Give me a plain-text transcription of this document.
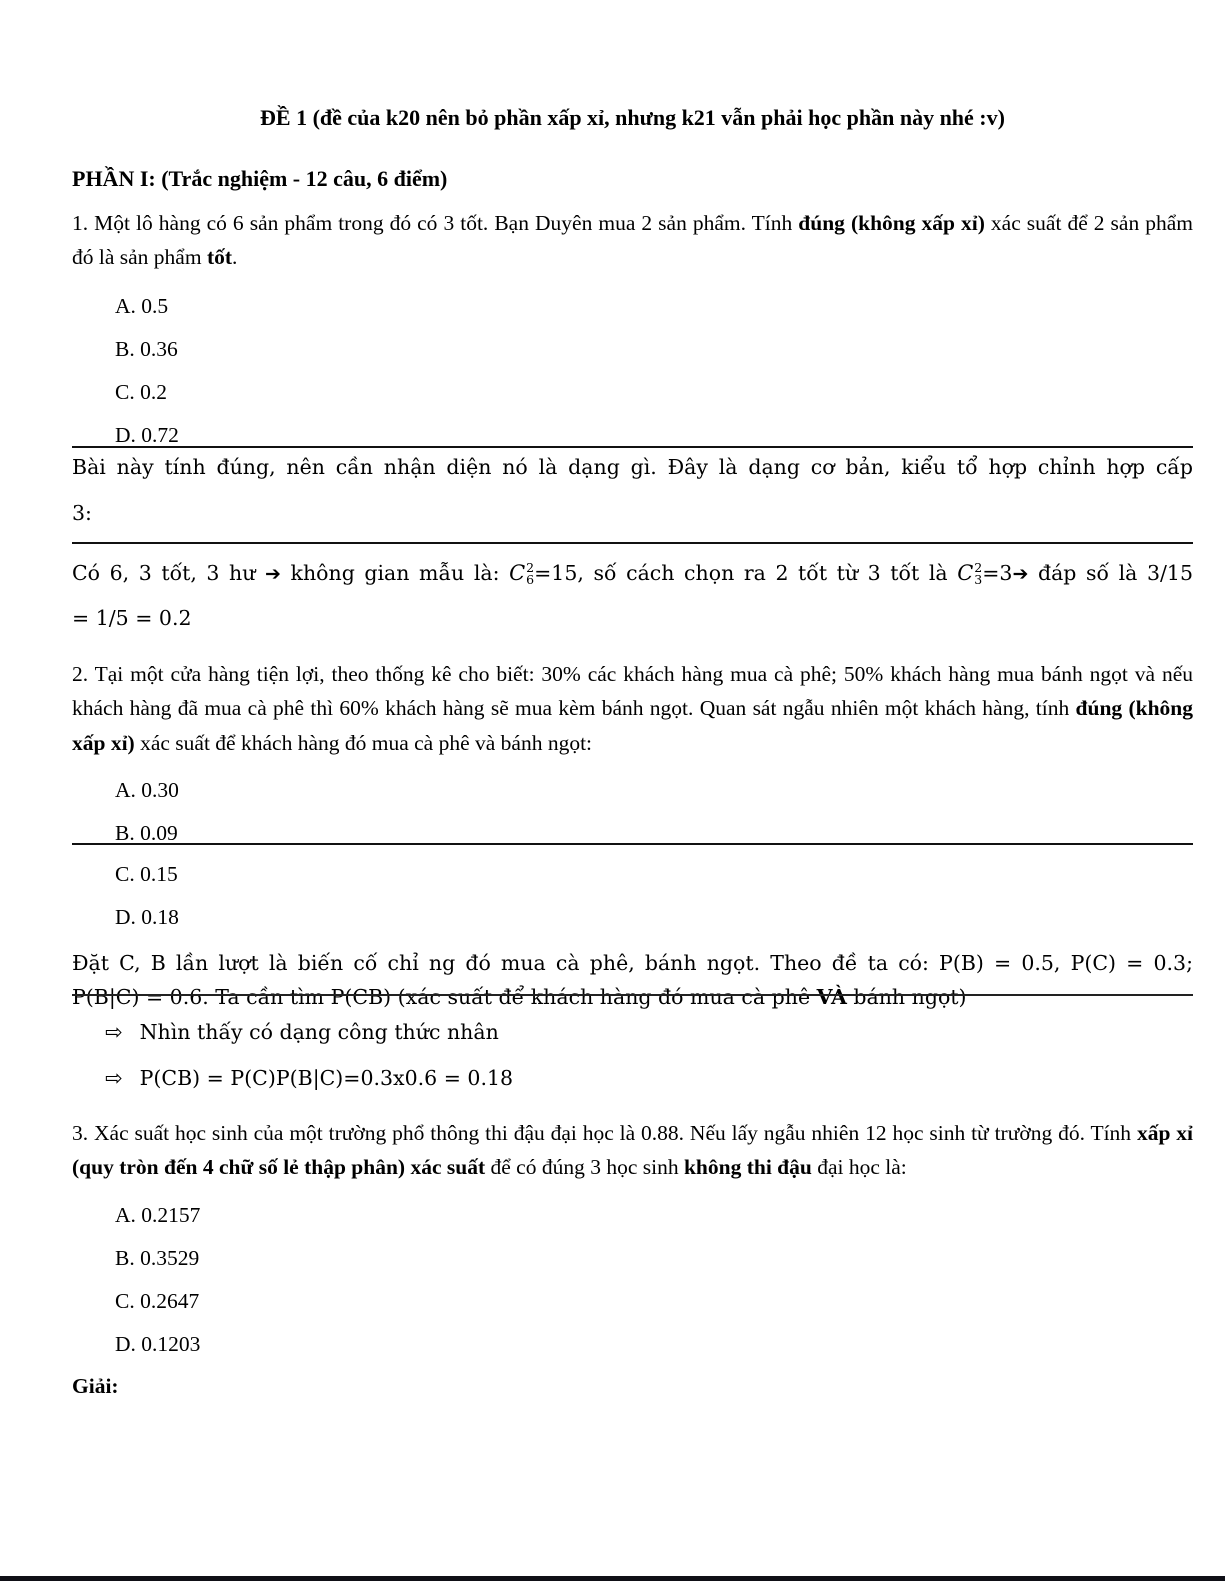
ĐỀ 1 (đề của k20 nên bỏ phần xấp xỉ, nhưng k21 vẫn phải học phần này nhé :v)
PHẦN I: (Trắc nghiệm - 12 câu, 6 điểm)
1. Một lô hàng có 6 sản phẩm trong đó có 3 tốt. Bạn Duyên mua 2 sản phẩm. Tính đúng (không xấp xỉ) xác suất để 2 sản phẩm đó là sản phẩm tốt.
A. 0.5
B. 0.36
C. 0.2
D. 0.72
Bài này tính đúng, nên cần nhận diện nó là dạng gì. Đây là dạng cơ bản, kiểu tổ hợp chỉnh hợp cấp
3:
Có 6, 3 tốt, 3 hư ➔ không gian mẫu là: C 2
6 =15, số cách chọn ra 2 tốt từ 3 tốt là C 2
3 =3➔ đáp số là 3/15
= 1/5 = 0.2
2. Tại một cửa hàng tiện lợi, theo thống kê cho biết: 30% các khách hàng mua cà phê; 50% khách hàng mua bánh ngọt và nếu khách hàng đã mua cà phê thì 60% khách hàng sẽ mua kèm bánh ngọt. Quan sát ngẫu nhiên một khách hàng, tính đúng (không xấp xỉ) xác suất để khách hàng đó mua cà phê và bánh ngọt:
A. 0.30
B. 0.09
C. 0.15
D. 0.18
Đặt C, B lần lượt là biến cố chỉ ng đó mua cà phê, bánh ngọt. Theo đề ta có: P(B) = 0.5, P(C) = 0.3;
P(B|C) = 0.6. Ta cần tìm P(CB) (xác suất để khách hàng đó mua cà phê VÀ bánh ngọt)
⇨ Nhìn thấy có dạng công thức nhân
⇨ P(CB) = P(C)P(B|C)=0.3x0.6 = 0.18
3. Xác suất học sinh của một trường phổ thông thi đậu đại học là 0.88. Nếu lấy ngẫu nhiên 12 học sinh từ trường đó. Tính xấp xỉ (quy tròn đến 4 chữ số lẻ thập phân) xác suất để có đúng 3 học sinh không thi đậu đại học là:
A. 0.2157
B. 0.3529
C. 0.2647
D. 0.1203
Giải:
